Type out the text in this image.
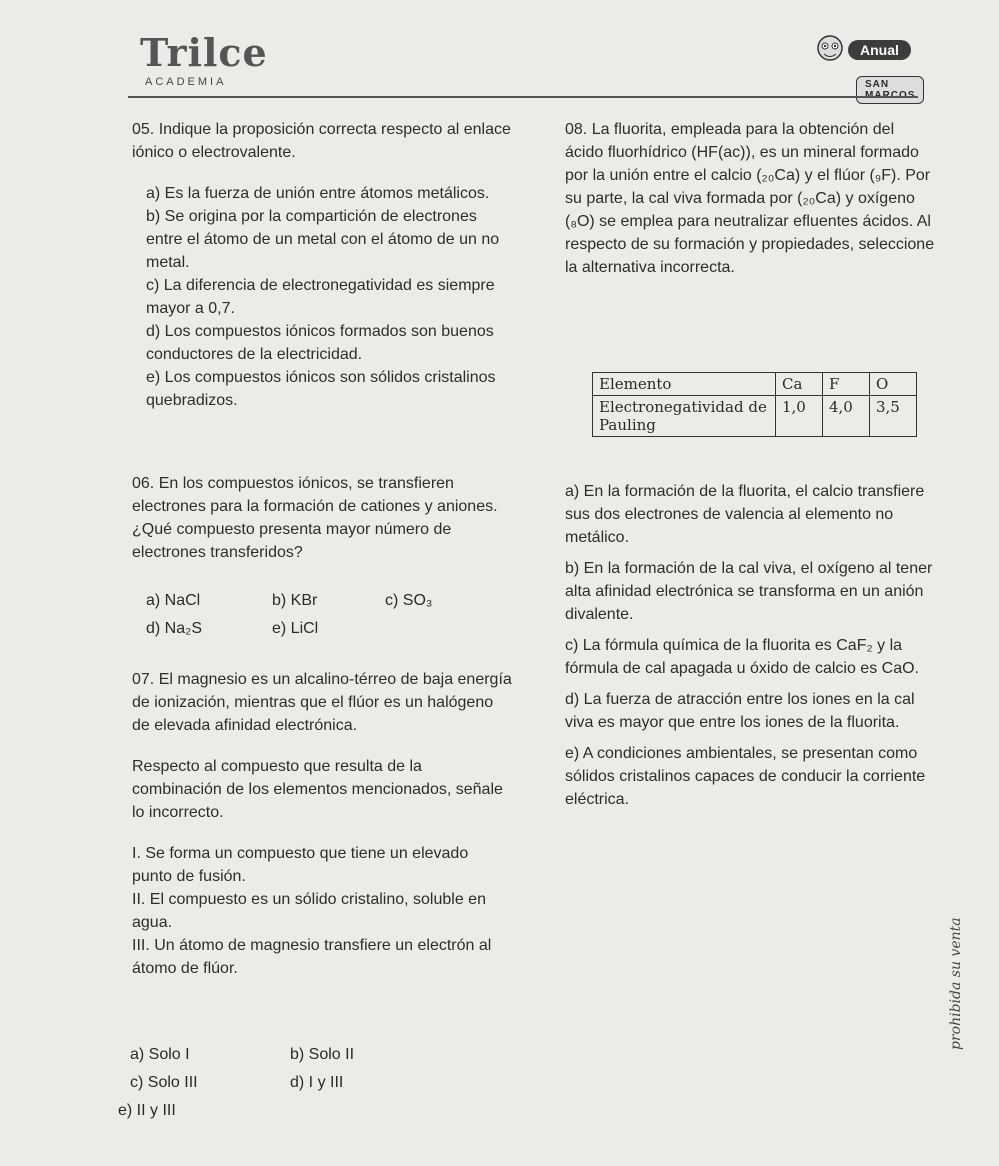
Trilce
ACADEMIA
Anual
SAN
05. Indique la proposición correcta respecto al enlace iónico o electrovalente.
a) Es la fuerza de unión entre átomos metálicos.
b) Se origina por la compartición de electrones entre el átomo de un metal con el átomo de un no metal.
c) La diferencia de electronegatividad es siempre mayor a 0,7.
d) Los compuestos iónicos formados son buenos conductores de la electricidad.
e) Los compuestos iónicos son sólidos cristalinos quebradizos.
06. En los compuestos iónicos, se transfieren electrones para la formación de cationes y aniones. ¿Qué compuesto presenta mayor número de electrones transferidos?
a) NaCl	b) KBr	c) SO₃
d) Na₂S	e) LiCl
07. El magnesio es un alcalino-térreo de baja energía de ionización, mientras que el flúor es un halógeno de elevada afinidad electrónica.
Respecto al compuesto que resulta de la combinación de los elementos mencionados, señale lo incorrecto.
I. Se forma un compuesto que tiene un elevado punto de fusión.
II. El compuesto es un sólido cristalino, soluble en agua.
III. Un átomo de magnesio transfiere un electrón al átomo de flúor.
a) Solo I	b) Solo II
c) Solo III	d) I y III
e) II y III
08. La fluorita, empleada para la obtención del ácido fluorhídrico (HF(ac)), es un mineral formado por la unión entre el calcio (₂₀Ca) y el flúor (₉F). Por su parte, la cal viva formada por (₂₀Ca) y oxígeno (₈O) se emplea para neutralizar efluentes ácidos. Al respecto de su formación y propiedades, seleccione la alternativa incorrecta.
Elemento	Ca	F	O
Electronegatividad de Pauling	1,0	4,0	3,5
a) En la formación de la fluorita, el calcio transfiere sus dos electrones de valencia al elemento no metálico.
b) En la formación de la cal viva, el oxígeno al tener alta afinidad electrónica se transforma en un anión divalente.
c) La fórmula química de la fluorita es CaF₂ y la fórmula de cal apagada u óxido de calcio es CaO.
d) La fuerza de atracción entre los iones en la cal viva es mayor que entre los iones de la fluorita.
e) A condiciones ambientales, se presentan como sólidos cristalinos capaces de conducir la corriente eléctrica.
prohibida su venta
